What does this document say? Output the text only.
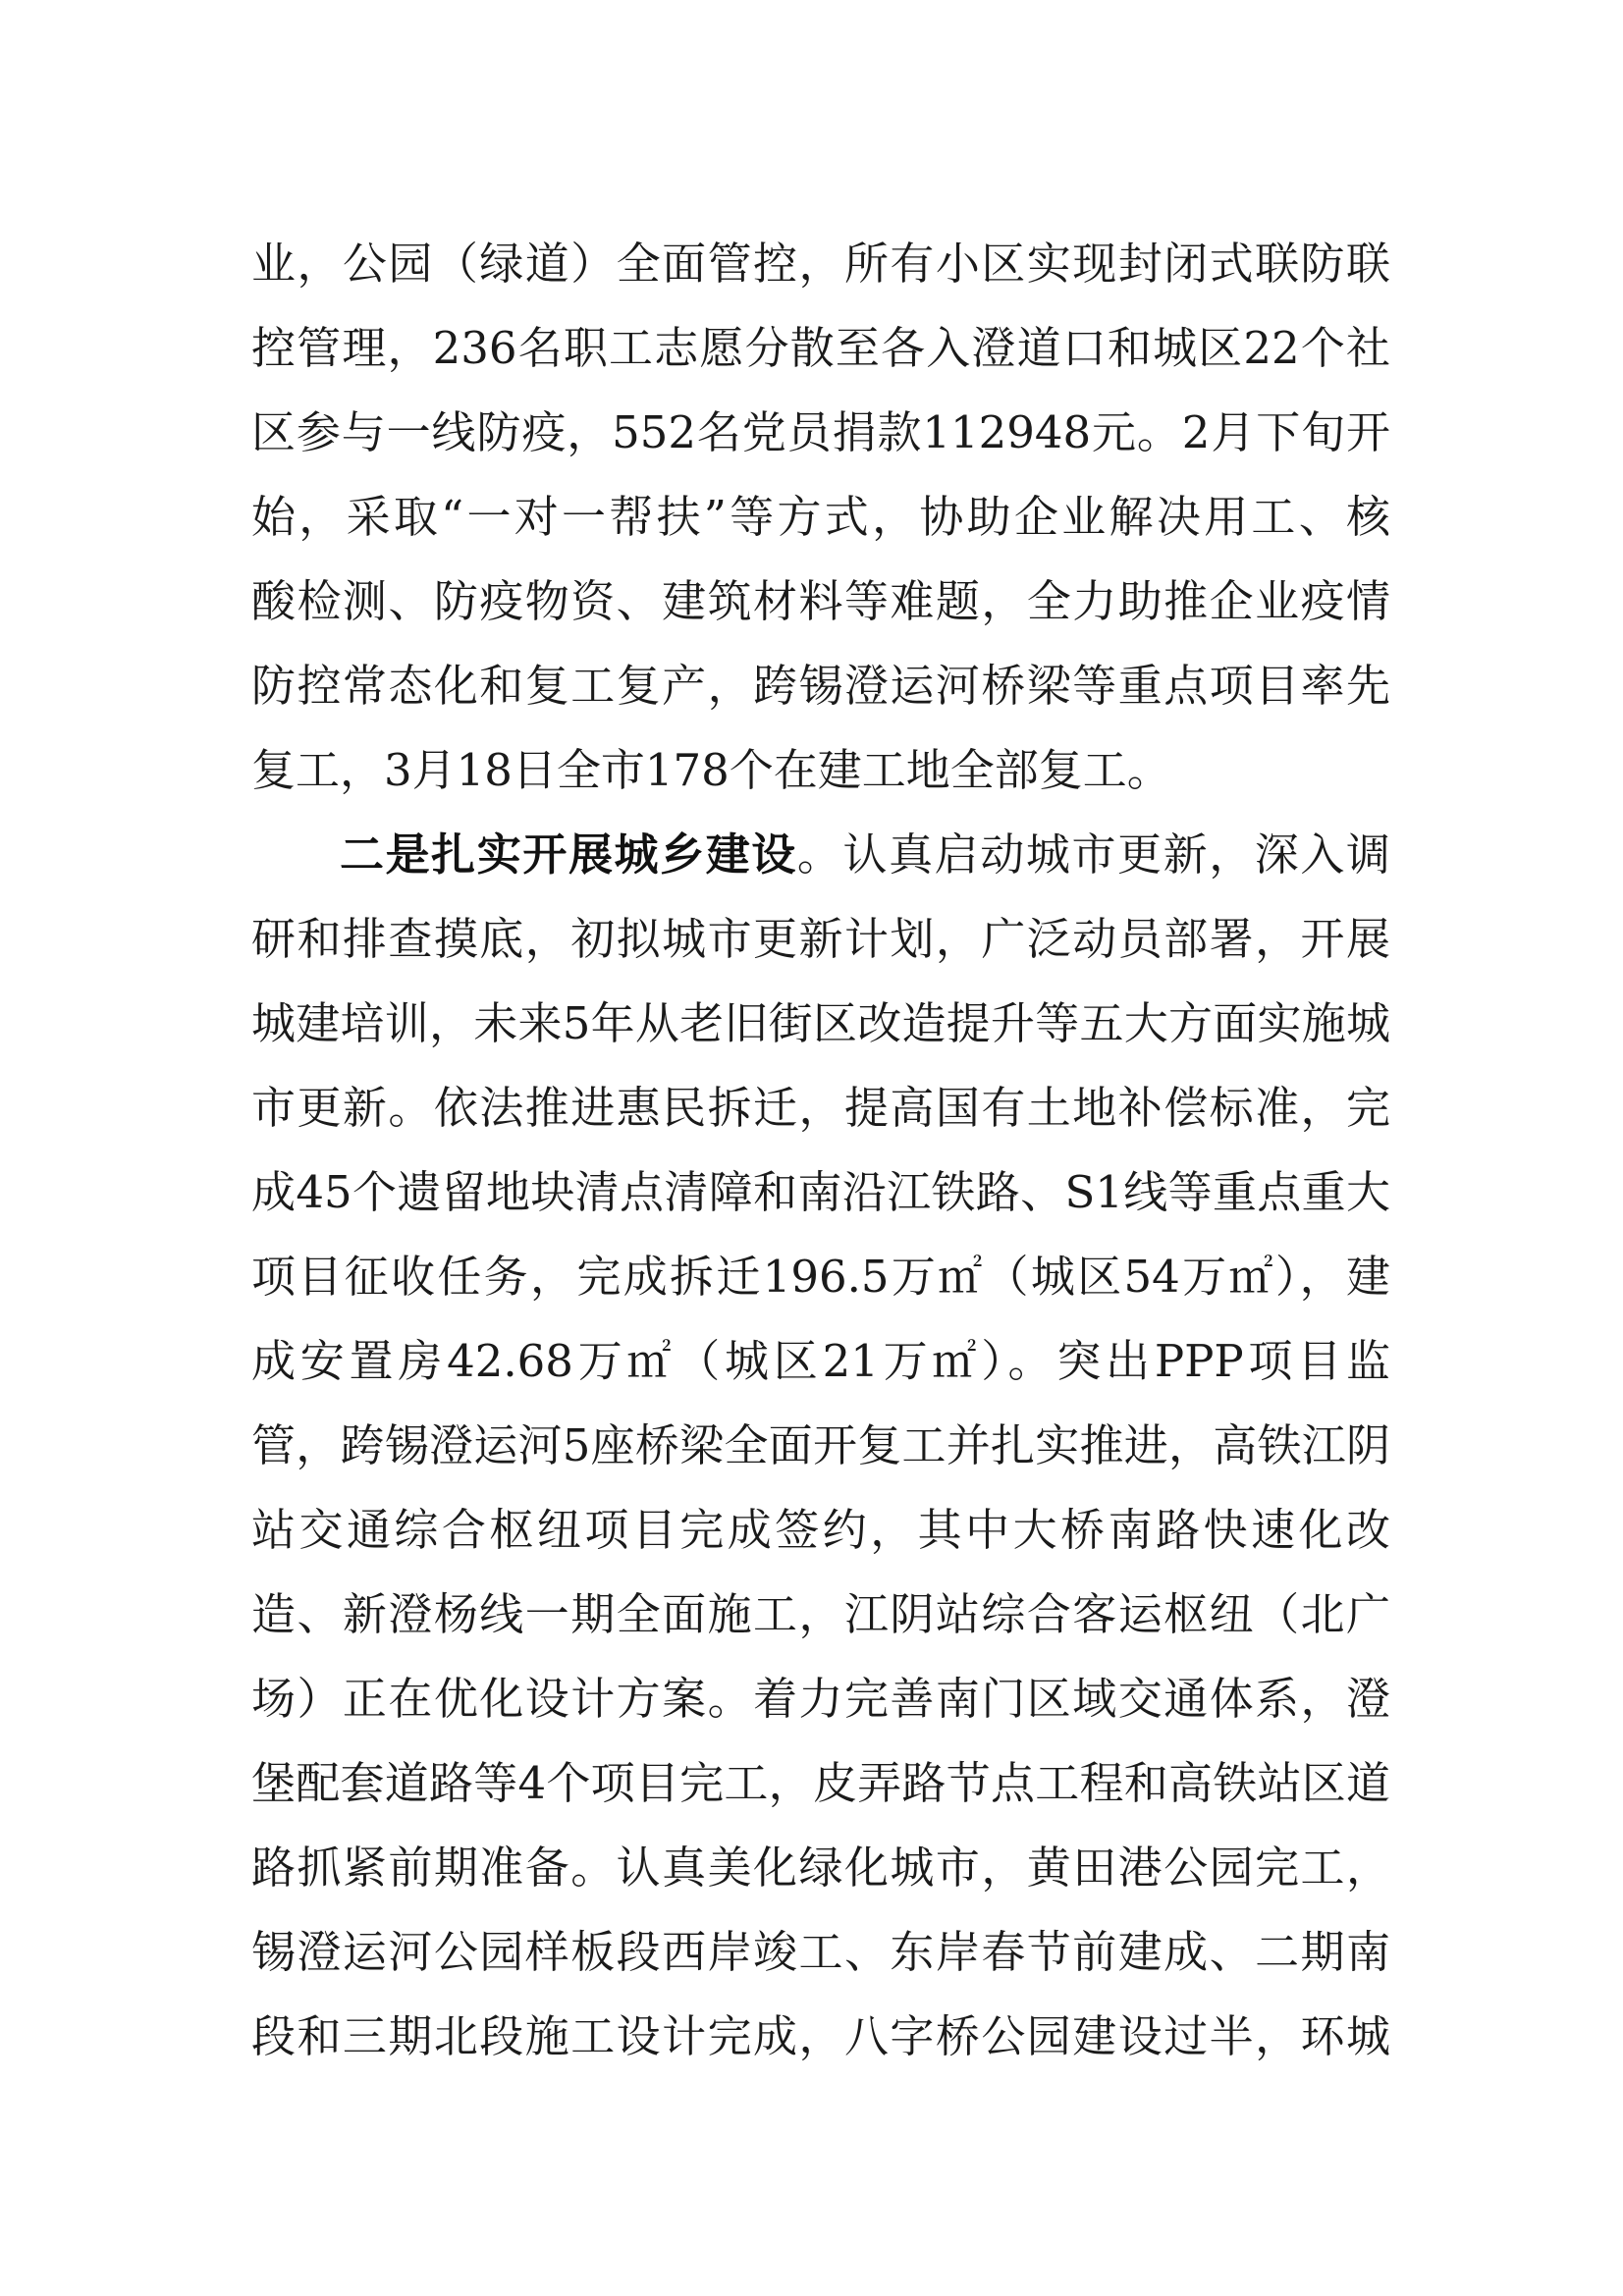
业，公园（绿道）全面管控，所有小区实现封闭式联防联
控管理，236名职工志愿分散至各入澄道口和城区22个社
区参与一线防疫，552名党员捐款112948元。2月下旬开
始，采取“一对一帮扶”等方式，协助企业解决用工、核
酸检测、防疫物资、建筑材料等难题，全力助推企业疫情
防控常态化和复工复产，跨锡澄运河桥梁等重点项目率先
复工，3月18日全市178个在建工地全部复工。
二是扎实开展城乡建设。认真启动城市更新，深入调
研和排查摸底，初拟城市更新计划，广泛动员部署，开展
城建培训，未来5年从老旧街区改造提升等五大方面实施城
市更新。依法推进惠民拆迁，提高国有土地补偿标准，完
成45个遗留地块清点清障和南沿江铁路、S1线等重点重大
项目征收任务，完成拆迁196.5万㎡（城区54万㎡），建
成安置房42.68万㎡（城区21万㎡）。突出PPP项目监
管，跨锡澄运河5座桥梁全面开复工并扎实推进，高铁江阴
站交通综合枢纽项目完成签约，其中大桥南路快速化改
造、新澄杨线一期全面施工，江阴站综合客运枢纽（北广
场）正在优化设计方案。着力完善南门区域交通体系，澄
堡配套道路等4个项目完工，皮弄路节点工程和高铁站区道
路抓紧前期准备。认真美化绿化城市，黄田港公园完工，
锡澄运河公园样板段西岸竣工、东岸春节前建成、二期南
段和三期北段施工设计完成，八字桥公园建设过半，环城
